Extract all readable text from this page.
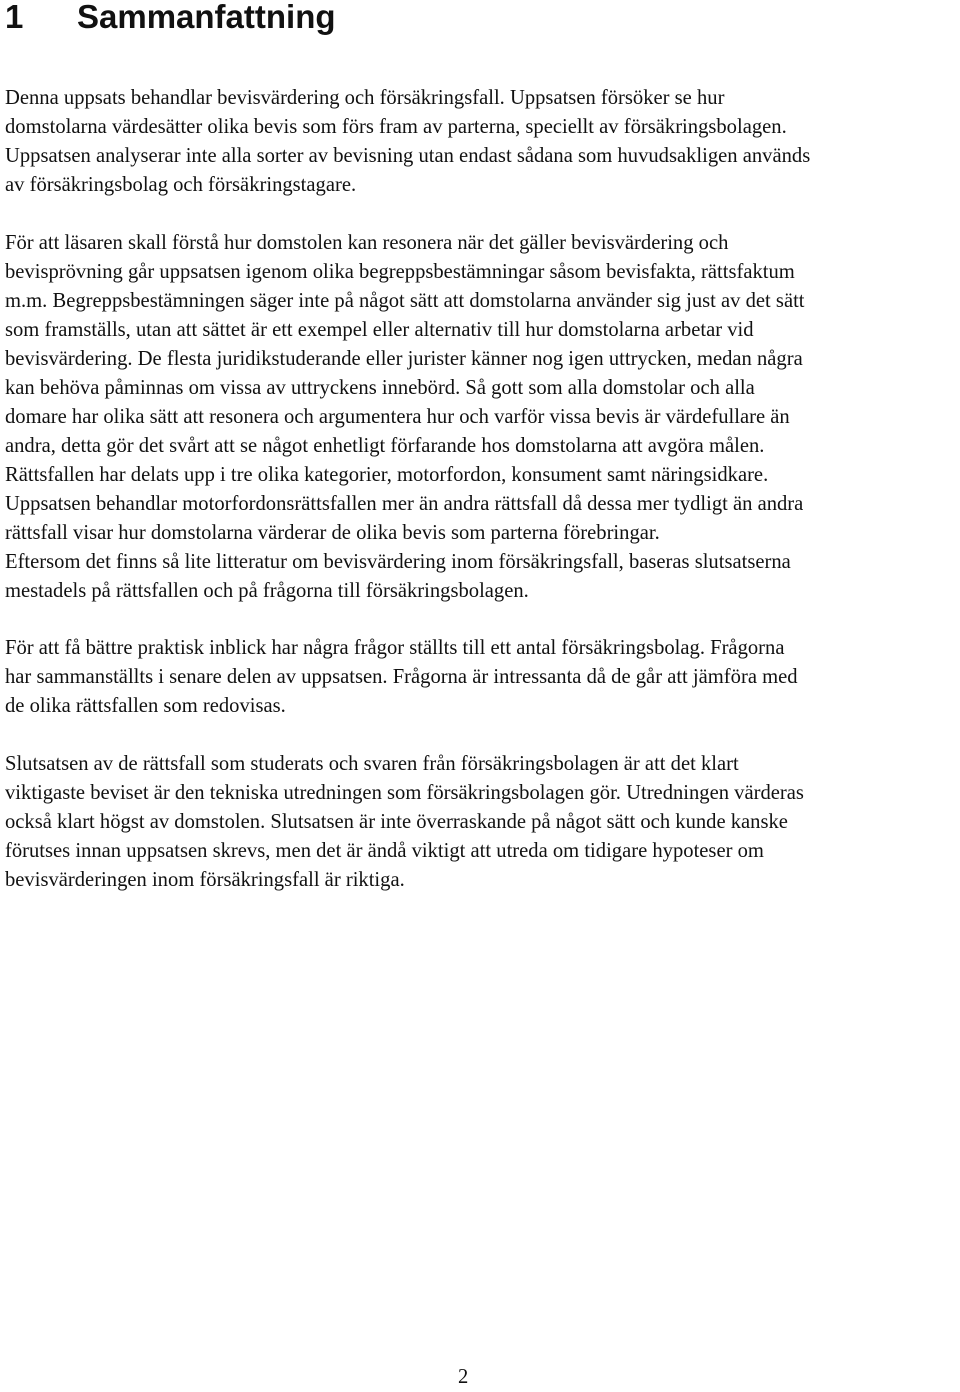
1 Sammanfattning

Denna uppsats behandlar bevisvärdering och försäkringsfall. Uppsatsen försöker se hur
domstolarna värdesätter olika bevis som förs fram av parterna, speciellt av försäkringsbolagen.
Uppsatsen analyserar inte alla sorter av bevisning utan endast sådana som huvudsakligen används
av försäkringsbolag och försäkringstagare.

För att läsaren skall förstå hur domstolen kan resonera när det gäller bevisvärdering och
bevisprövning går uppsatsen igenom olika begreppsbestämningar såsom bevisfakta, rättsfaktum
m.m. Begreppsbestämningen säger inte på något sätt att domstolarna använder sig just av det sätt
som framställs, utan att sättet är ett exempel eller alternativ till hur domstolarna arbetar vid
bevisvärdering. De flesta juridikstuderande eller jurister känner nog igen uttrycken, medan några
kan behöva påminnas om vissa av uttryckens innebörd. Så gott som alla domstolar och alla
domare har olika sätt att resonera och argumentera hur och varför vissa bevis är värdefullare än
andra, detta gör det svårt att se något enhetligt förfarande hos domstolarna att avgöra målen.
Rättsfallen har delats upp i tre olika kategorier, motorfordon, konsument samt näringsidkare.
Uppsatsen behandlar motorfordonsrättsfallen mer än andra rättsfall då dessa mer tydligt än andra
rättsfall visar hur domstolarna värderar de olika bevis som parterna förebringar.
Eftersom det finns så lite litteratur om bevisvärdering inom försäkringsfall, baseras slutsatserna
mestadels på rättsfallen och på frågorna till försäkringsbolagen.

För att få bättre praktisk inblick har några frågor ställts till ett antal försäkringsbolag. Frågorna
har sammanställts i senare delen av uppsatsen. Frågorna är intressanta då de går att jämföra med
de olika rättsfallen som redovisas.

Slutsatsen av de rättsfall som studerats och svaren från försäkringsbolagen är att det klart
viktigaste beviset är den tekniska utredningen som försäkringsbolagen gör. Utredningen värderas
också klart högst av domstolen. Slutsatsen är inte överraskande på något sätt och kunde kanske
förutses innan uppsatsen skrevs, men det är ändå viktigt att utreda om tidigare hypoteser om
bevisvärderingen inom försäkringsfall är riktiga.

2
